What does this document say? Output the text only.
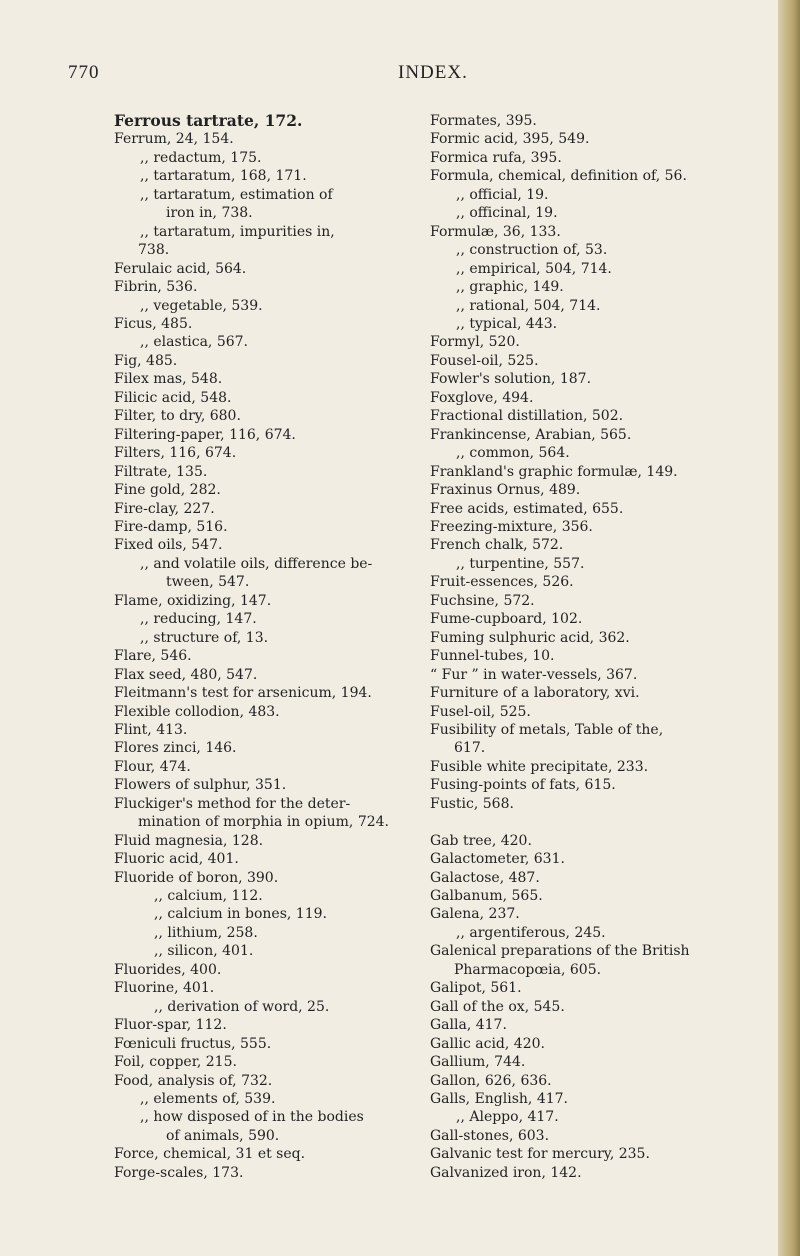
770	INDEX.
Ferrous tartrate, 172.
Ferrum, 24, 154.
,, redactum, 175.
,, tartaratum, 168, 171.
,, tartaratum, estimation of
iron in, 738.
,, tartaratum, impurities in,
738.
Ferulaic acid, 564.
Fibrin, 536.
,, vegetable, 539.
Ficus, 485.
,, elastica, 567.
Fig, 485.
Filex mas, 548.
Filicic acid, 548.
Filter, to dry, 680.
Filtering-paper, 116, 674.
Filters, 116, 674.
Filtrate, 135.
Fine gold, 282.
Fire-clay, 227.
Fire-damp, 516.
Fixed oils, 547.
,, and volatile oils, difference be-
tween, 547.
Flame, oxidizing, 147.
,, reducing, 147.
,, structure of, 13.
Flare, 546.
Flax seed, 480, 547.
Fleitmann's test for arsenicum, 194.
Flexible collodion, 483.
Flint, 413.
Flores zinci, 146.
Flour, 474.
Flowers of sulphur, 351.
Fluckiger's method for the deter-
mination of morphia in opium, 724.
Fluid magnesia, 128.
Fluoric acid, 401.
Fluoride of boron, 390.
,, calcium, 112.
,, calcium in bones, 119.
,, lithium, 258.
,, silicon, 401.
Fluorides, 400.
Fluorine, 401.
,, derivation of word, 25.
Fluor-spar, 112.
Fœniculi fructus, 555.
Foil, copper, 215.
Food, analysis of, 732.
,, elements of, 539.
,, how disposed of in the bodies
of animals, 590.
Force, chemical, 31 et seq.
Forge-scales, 173.
Formates, 395.
Formic acid, 395, 549.
Formica rufa, 395.
Formula, chemical, definition of, 56.
,, official, 19.
,, officinal, 19.
Formulæ, 36, 133.
,, construction of, 53.
,, empirical, 504, 714.
,, graphic, 149.
,, rational, 504, 714.
,, typical, 443.
Formyl, 520.
Fousel-oil, 525.
Fowler's solution, 187.
Foxglove, 494.
Fractional distillation, 502.
Frankincense, Arabian, 565.
,, common, 564.
Frankland's graphic formulæ, 149.
Fraxinus Ornus, 489.
Free acids, estimated, 655.
Freezing-mixture, 356.
French chalk, 572.
,, turpentine, 557.
Fruit-essences, 526.
Fuchsine, 572.
Fume-cupboard, 102.
Fuming sulphuric acid, 362.
Funnel-tubes, 10.
“ Fur ” in water-vessels, 367.
Furniture of a laboratory, xvi.
Fusel-oil, 525.
Fusibility of metals, Table of the,
617.
Fusible white precipitate, 233.
Fusing-points of fats, 615.
Fustic, 568.
Gab tree, 420.
Galactometer, 631.
Galactose, 487.
Galbanum, 565.
Galena, 237.
,, argentiferous, 245.
Galenical preparations of the British
Pharmacopœia, 605.
Galipot, 561.
Gall of the ox, 545.
Galla, 417.
Gallic acid, 420.
Gallium, 744.
Gallon, 626, 636.
Galls, English, 417.
,, Aleppo, 417.
Gall-stones, 603.
Galvanic test for mercury, 235.
Galvanized iron, 142.
